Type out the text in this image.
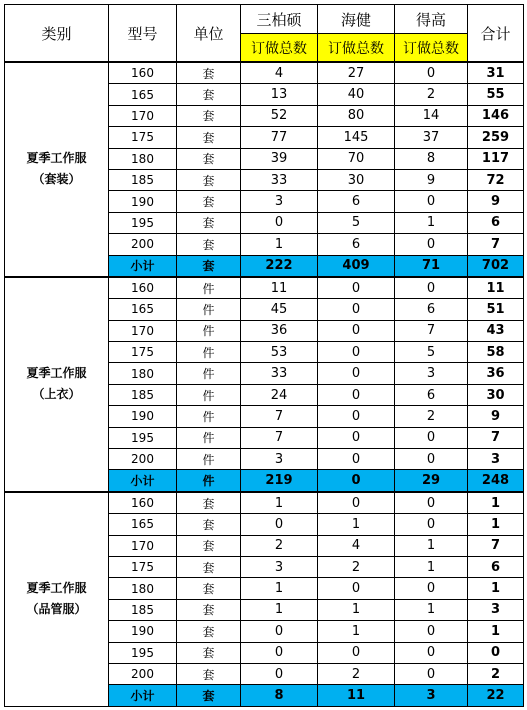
类别	型号	单位	三柏硕	海健	得高	合计
			订做总数	订做总数	订做总数	

夏季工作服
（套装）	160	套	4	27	0	31
	165	套	13	40	2	55
	170	套	52	80	14	146
	175	套	77	145	37	259
	180	套	39	70	8	117
	185	套	33	30	9	72
	190	套	3	6	0	9
	195	套	0	5	1	6
	200	套	1	6	0	7
	小计	套	222	409	71	702

夏季工作服
（上衣）	160	件	11	0	0	11
	165	件	45	0	6	51
	170	件	36	0	7	43
	175	件	53	0	5	58
	180	件	33	0	3	36
	185	件	24	0	6	30
	190	件	7	0	2	9
	195	件	7	0	0	7
	200	件	3	0	0	3
	小计	件	219	0	29	248

夏季工作服
（品管服）	160	套	1	0	0	1
	165	套	0	1	0	1
	170	套	2	4	1	7
	175	套	3	2	1	6
	180	套	1	0	0	1
	185	套	1	1	1	3
	190	套	0	1	0	1
	195	套	0	0	0	0
	200	套	0	2	0	2
	小计	套	8	11	3	22
